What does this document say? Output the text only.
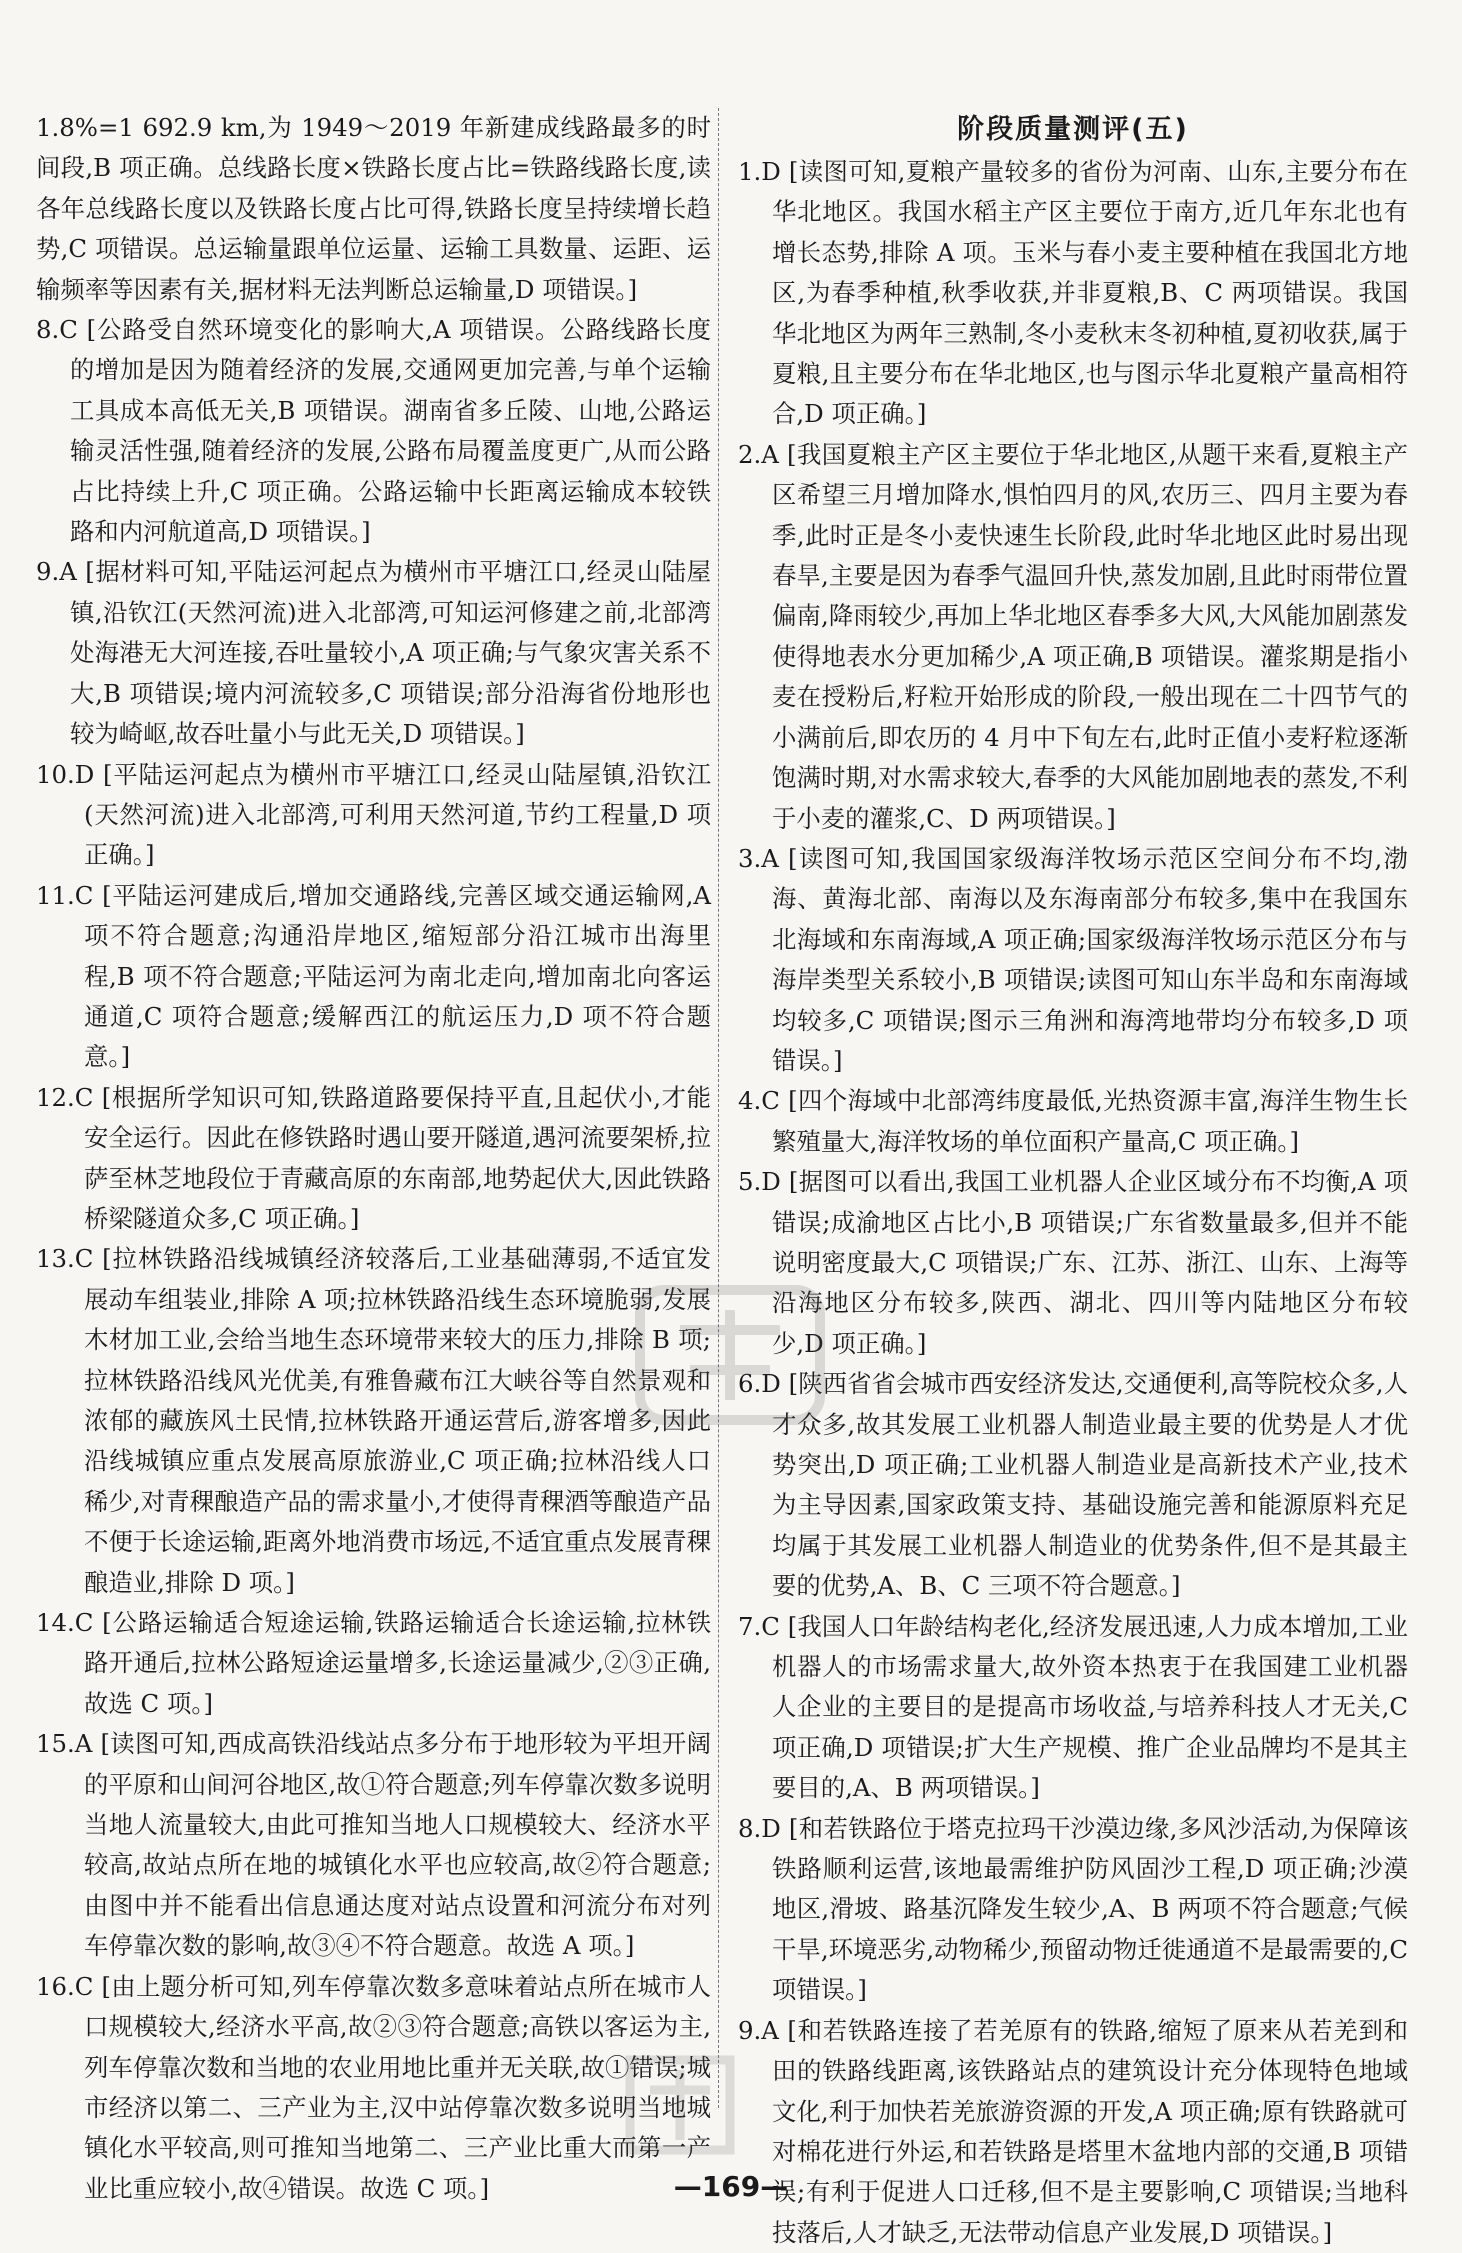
1.8%=1 692.9 km,为 1949～2019 年新建成线路最多的时间段,B 项正确。总线路长度×铁路长度占比=铁路线路长度,读各年总线路长度以及铁路长度占比可得,铁路长度呈持续增长趋势,C 项错误。总运输量跟单位运量、运输工具数量、运距、运输频率等因素有关,据材料无法判断总运输量,D 项错误。]

8.C [公路受自然环境变化的影响大,A 项错误。公路线路长度的增加是因为随着经济的发展,交通网更加完善,与单个运输工具成本高低无关,B 项错误。湖南省多丘陵、山地,公路运输灵活性强,随着经济的发展,公路布局覆盖度更广,从而公路占比持续上升,C 项正确。公路运输中长距离运输成本较铁路和内河航道高,D 项错误。]

9.A [据材料可知,平陆运河起点为横州市平塘江口,经灵山陆屋镇,沿钦江(天然河流)进入北部湾,可知运河修建之前,北部湾处海港无大河连接,吞吐量较小,A 项正确;与气象灾害关系不大,B 项错误;境内河流较多,C 项错误;部分沿海省份地形也较为崎岖,故吞吐量小与此无关,D 项错误。]

10.D [平陆运河起点为横州市平塘江口,经灵山陆屋镇,沿钦江(天然河流)进入北部湾,可利用天然河道,节约工程量,D 项正确。]

11.C [平陆运河建成后,增加交通路线,完善区域交通运输网,A 项不符合题意;沟通沿岸地区,缩短部分沿江城市出海里程,B 项不符合题意;平陆运河为南北走向,增加南北向客运通道,C 项符合题意;缓解西江的航运压力,D 项不符合题意。]

12.C [根据所学知识可知,铁路道路要保持平直,且起伏小,才能安全运行。因此在修铁路时遇山要开隧道,遇河流要架桥,拉萨至林芝地段位于青藏高原的东南部,地势起伏大,因此铁路桥梁隧道众多,C 项正确。]

13.C [拉林铁路沿线城镇经济较落后,工业基础薄弱,不适宜发展动车组装业,排除 A 项;拉林铁路沿线生态环境脆弱,发展木材加工业,会给当地生态环境带来较大的压力,排除 B 项;拉林铁路沿线风光优美,有雅鲁藏布江大峡谷等自然景观和浓郁的藏族风土民情,拉林铁路开通运营后,游客增多,因此沿线城镇应重点发展高原旅游业,C 项正确;拉林沿线人口稀少,对青稞酿造产品的需求量小,才使得青稞酒等酿造产品不便于长途运输,距离外地消费市场远,不适宜重点发展青稞酿造业,排除 D 项。]

14.C [公路运输适合短途运输,铁路运输适合长途运输,拉林铁路开通后,拉林公路短途运量增多,长途运量减少,②③正确,故选 C 项。]

15.A [读图可知,西成高铁沿线站点多分布于地形较为平坦开阔的平原和山间河谷地区,故①符合题意;列车停靠次数多说明当地人流量较大,由此可推知当地人口规模较大、经济水平较高,故站点所在地的城镇化水平也应较高,故②符合题意;由图中并不能看出信息通达度对站点设置和河流分布对列车停靠次数的影响,故③④不符合题意。故选 A 项。]

16.C [由上题分析可知,列车停靠次数多意味着站点所在城市人口规模较大,经济水平高,故②③符合题意;高铁以客运为主,列车停靠次数和当地的农业用地比重并无关联,故①错误;城市经济以第二、三产业为主,汉中站停靠次数多说明当地城镇化水平较高,则可推知当地第二、三产业比重大而第一产业比重应较小,故④错误。故选 C 项。]

阶段质量测评(五)

1.D [读图可知,夏粮产量较多的省份为河南、山东,主要分布在华北地区。我国水稻主产区主要位于南方,近几年东北也有增长态势,排除 A 项。玉米与春小麦主要种植在我国北方地区,为春季种植,秋季收获,并非夏粮,B、C 两项错误。我国华北地区为两年三熟制,冬小麦秋末冬初种植,夏初收获,属于夏粮,且主要分布在华北地区,也与图示华北夏粮产量高相符合,D 项正确。]

2.A [我国夏粮主产区主要位于华北地区,从题干来看,夏粮主产区希望三月增加降水,惧怕四月的风,农历三、四月主要为春季,此时正是冬小麦快速生长阶段,此时华北地区此时易出现春旱,主要是因为春季气温回升快,蒸发加剧,且此时雨带位置偏南,降雨较少,再加上华北地区春季多大风,大风能加剧蒸发使得地表水分更加稀少,A 项正确,B 项错误。灌浆期是指小麦在授粉后,籽粒开始形成的阶段,一般出现在二十四节气的小满前后,即农历的 4 月中下旬左右,此时正值小麦籽粒逐渐饱满时期,对水需求较大,春季的大风能加剧地表的蒸发,不利于小麦的灌浆,C、D 两项错误。]

3.A [读图可知,我国国家级海洋牧场示范区空间分布不均,渤海、黄海北部、南海以及东海南部分布较多,集中在我国东北海域和东南海域,A 项正确;国家级海洋牧场示范区分布与海岸类型关系较小,B 项错误;读图可知山东半岛和东南海域均较多,C 项错误;图示三角洲和海湾地带均分布较多,D 项错误。]

4.C [四个海域中北部湾纬度最低,光热资源丰富,海洋生物生长繁殖量大,海洋牧场的单位面积产量高,C 项正确。]

5.D [据图可以看出,我国工业机器人企业区域分布不均衡,A 项错误;成渝地区占比小,B 项错误;广东省数量最多,但并不能说明密度最大,C 项错误;广东、江苏、浙江、山东、上海等沿海地区分布较多,陕西、湖北、四川等内陆地区分布较少,D 项正确。]

6.D [陕西省省会城市西安经济发达,交通便利,高等院校众多,人才众多,故其发展工业机器人制造业最主要的优势是人才优势突出,D 项正确;工业机器人制造业是高新技术产业,技术为主导因素,国家政策支持、基础设施完善和能源原料充足均属于其发展工业机器人制造业的优势条件,但不是其最主要的优势,A、B、C 三项不符合题意。]

7.C [我国人口年龄结构老化,经济发展迅速,人力成本增加,工业机器人的市场需求量大,故外资本热衷于在我国建工业机器人企业的主要目的是提高市场收益,与培养科技人才无关,C 项正确,D 项错误;扩大生产规模、推广企业品牌均不是其主要目的,A、B 两项错误。]

8.D [和若铁路位于塔克拉玛干沙漠边缘,多风沙活动,为保障该铁路顺利运营,该地最需维护防风固沙工程,D 项正确;沙漠地区,滑坡、路基沉降发生较少,A、B 两项不符合题意;气候干旱,环境恶劣,动物稀少,预留动物迁徙通道不是最需要的,C 项错误。]

9.A [和若铁路连接了若羌原有的铁路,缩短了原来从若羌到和田的铁路线距离,该铁路站点的建筑设计充分体现特色地域文化,利于加快若羌旅游资源的开发,A 项正确;原有铁路就可对棉花进行外运,和若铁路是塔里木盆地内部的交通,B 项错误;有利于促进人口迁移,但不是主要影响,C 项错误;当地科技落后,人才缺乏,无法带动信息产业发展,D 项错误。]

—169—
